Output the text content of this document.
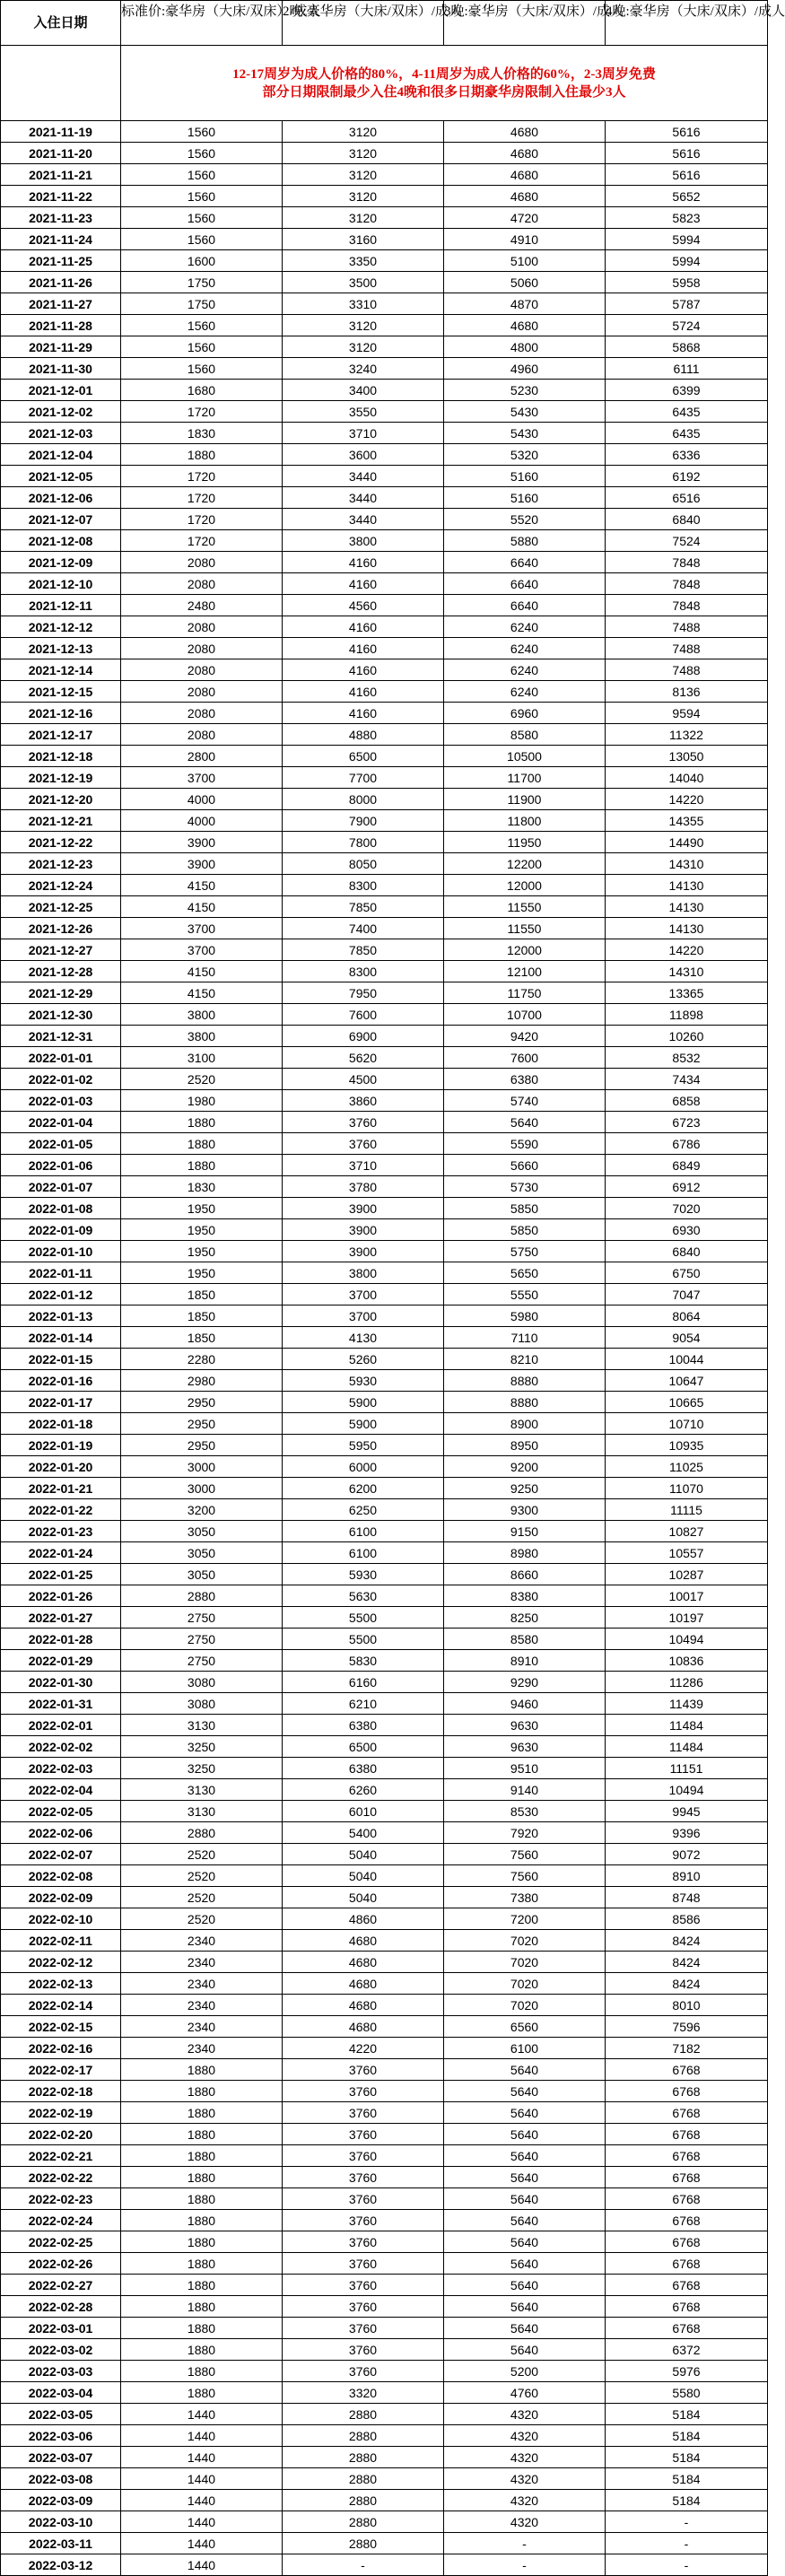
入住日期	标准价:豪华房（大床/双床）/成人	2晚:豪华房（大床/双床）/成人	3晚:豪华房（大床/双床）/成人	4晚:豪华房（大床/双床）/成人

	12-17周岁为成人价格的80%，4-11周岁为成人价格的60%，2-3周岁免费
部分日期限制最少入住4晚和很多日期豪华房限制入住最少3人			

2021-11-19	1560	3120	4680	5616
2021-11-20	1560	3120	4680	5616
2021-11-21	1560	3120	4680	5616
2021-11-22	1560	3120	4680	5652
2021-11-23	1560	3120	4720	5823
2021-11-24	1560	3160	4910	5994
2021-11-25	1600	3350	5100	5994
2021-11-26	1750	3500	5060	5958
2021-11-27	1750	3310	4870	5787
2021-11-28	1560	3120	4680	5724
2021-11-29	1560	3120	4800	5868
2021-11-30	1560	3240	4960	6111
2021-12-01	1680	3400	5230	6399
2021-12-02	1720	3550	5430	6435
2021-12-03	1830	3710	5430	6435
2021-12-04	1880	3600	5320	6336
2021-12-05	1720	3440	5160	6192
2021-12-06	1720	3440	5160	6516
2021-12-07	1720	3440	5520	6840
2021-12-08	1720	3800	5880	7524
2021-12-09	2080	4160	6640	7848
2021-12-10	2080	4160	6640	7848
2021-12-11	2480	4560	6640	7848
2021-12-12	2080	4160	6240	7488
2021-12-13	2080	4160	6240	7488
2021-12-14	2080	4160	6240	7488
2021-12-15	2080	4160	6240	8136
2021-12-16	2080	4160	6960	9594
2021-12-17	2080	4880	8580	11322
2021-12-18	2800	6500	10500	13050
2021-12-19	3700	7700	11700	14040
2021-12-20	4000	8000	11900	14220
2021-12-21	4000	7900	11800	14355
2021-12-22	3900	7800	11950	14490
2021-12-23	3900	8050	12200	14310
2021-12-24	4150	8300	12000	14130
2021-12-25	4150	7850	11550	14130
2021-12-26	3700	7400	11550	14130
2021-12-27	3700	7850	12000	14220
2021-12-28	4150	8300	12100	14310
2021-12-29	4150	7950	11750	13365
2021-12-30	3800	7600	10700	11898
2021-12-31	3800	6900	9420	10260
2022-01-01	3100	5620	7600	8532
2022-01-02	2520	4500	6380	7434
2022-01-03	1980	3860	5740	6858
2022-01-04	1880	3760	5640	6723
2022-01-05	1880	3760	5590	6786
2022-01-06	1880	3710	5660	6849
2022-01-07	1830	3780	5730	6912
2022-01-08	1950	3900	5850	7020
2022-01-09	1950	3900	5850	6930
2022-01-10	1950	3900	5750	6840
2022-01-11	1950	3800	5650	6750
2022-01-12	1850	3700	5550	7047
2022-01-13	1850	3700	5980	8064
2022-01-14	1850	4130	7110	9054
2022-01-15	2280	5260	8210	10044
2022-01-16	2980	5930	8880	10647
2022-01-17	2950	5900	8880	10665
2022-01-18	2950	5900	8900	10710
2022-01-19	2950	5950	8950	10935
2022-01-20	3000	6000	9200	11025
2022-01-21	3000	6200	9250	11070
2022-01-22	3200	6250	9300	11115
2022-01-23	3050	6100	9150	10827
2022-01-24	3050	6100	8980	10557
2022-01-25	3050	5930	8660	10287
2022-01-26	2880	5630	8380	10017
2022-01-27	2750	5500	8250	10197
2022-01-28	2750	5500	8580	10494
2022-01-29	2750	5830	8910	10836
2022-01-30	3080	6160	9290	11286
2022-01-31	3080	6210	9460	11439
2022-02-01	3130	6380	9630	11484
2022-02-02	3250	6500	9630	11484
2022-02-03	3250	6380	9510	11151
2022-02-04	3130	6260	9140	10494
2022-02-05	3130	6010	8530	9945
2022-02-06	2880	5400	7920	9396
2022-02-07	2520	5040	7560	9072
2022-02-08	2520	5040	7560	8910
2022-02-09	2520	5040	7380	8748
2022-02-10	2520	4860	7200	8586
2022-02-11	2340	4680	7020	8424
2022-02-12	2340	4680	7020	8424
2022-02-13	2340	4680	7020	8424
2022-02-14	2340	4680	7020	8010
2022-02-15	2340	4680	6560	7596
2022-02-16	2340	4220	6100	7182
2022-02-17	1880	3760	5640	6768
2022-02-18	1880	3760	5640	6768
2022-02-19	1880	3760	5640	6768
2022-02-20	1880	3760	5640	6768
2022-02-21	1880	3760	5640	6768
2022-02-22	1880	3760	5640	6768
2022-02-23	1880	3760	5640	6768
2022-02-24	1880	3760	5640	6768
2022-02-25	1880	3760	5640	6768
2022-02-26	1880	3760	5640	6768
2022-02-27	1880	3760	5640	6768
2022-02-28	1880	3760	5640	6768
2022-03-01	1880	3760	5640	6768
2022-03-02	1880	3760	5640	6372
2022-03-03	1880	3760	5200	5976
2022-03-04	1880	3320	4760	5580
2022-03-05	1440	2880	4320	5184
2022-03-06	1440	2880	4320	5184
2022-03-07	1440	2880	4320	5184
2022-03-08	1440	2880	4320	5184
2022-03-09	1440	2880	4320	5184
2022-03-10	1440	2880	4320	-
2022-03-11	1440	2880	-	-
2022-03-12	1440	-	-	-
